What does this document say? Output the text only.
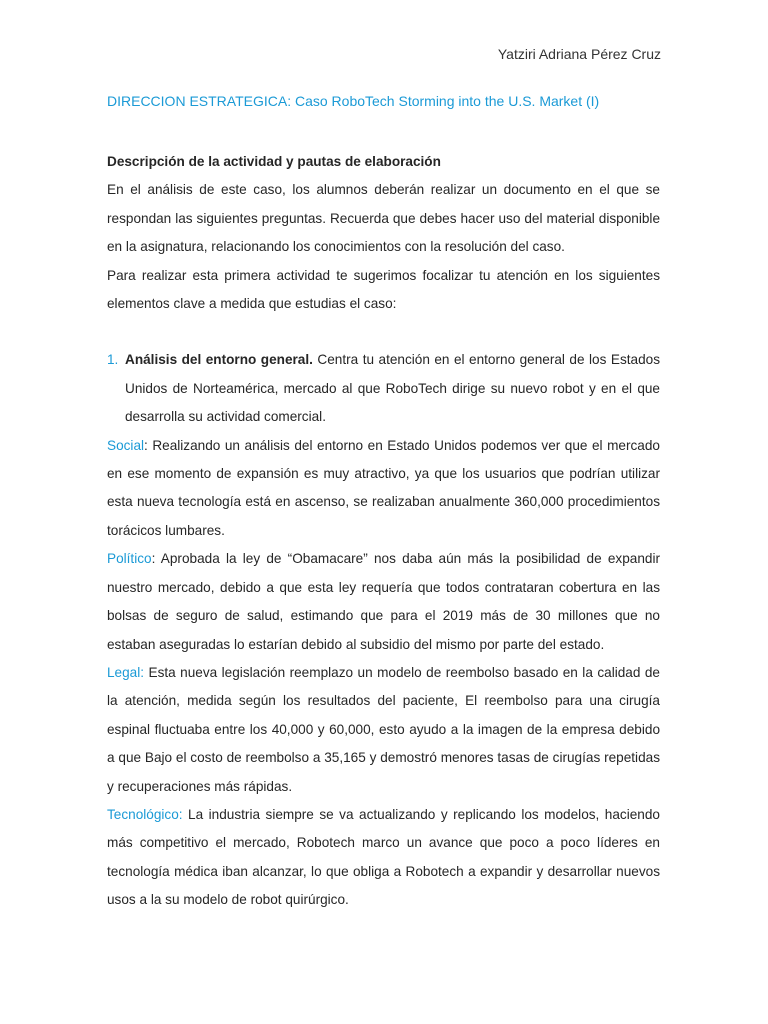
Yatziri Adriana Pérez Cruz
DIRECCION ESTRATEGICA: Caso RoboTech Storming into the U.S. Market (I)

Descripción de la actividad y pautas de elaboración

En el análisis de este caso, los alumnos deberán realizar un documento en el que se respondan las siguientes preguntas. Recuerda que debes hacer uso del material disponible en la asignatura, relacionando los conocimientos con la resolución del caso.

Para realizar esta primera actividad te sugerimos focalizar tu atención en los siguientes elementos clave a medida que estudias el caso:

1. Análisis del entorno general. Centra tu atención en el entorno general de los Estados Unidos de Norteamérica, mercado al que RoboTech dirige su nuevo robot y en el que desarrolla su actividad comercial.

Social: Realizando un análisis del entorno en Estado Unidos podemos ver que el mercado en ese momento de expansión es muy atractivo, ya que los usuarios que podrían utilizar esta nueva tecnología está en ascenso, se realizaban anualmente 360,000 procedimientos torácicos lumbares.

Político: Aprobada la ley de “Obamacare” nos daba aún más la posibilidad de expandir nuestro mercado, debido a que esta ley requería que todos contrataran cobertura en las bolsas de seguro de salud, estimando que para el 2019 más de 30 millones que no estaban aseguradas lo estarían debido al subsidio del mismo por parte del estado.

Legal: Esta nueva legislación reemplazo un modelo de reembolso basado en la calidad de la atención, medida según los resultados del paciente, El reembolso para una cirugía espinal fluctuaba entre los 40,000 y 60,000, esto ayudo a la imagen de la empresa debido a que Bajo el costo de reembolso a 35,165 y demostró menores tasas de cirugías repetidas y recuperaciones más rápidas.

Tecnológico: La industria siempre se va actualizando y replicando los modelos, haciendo más competitivo el mercado, Robotech marco un avance que poco a poco líderes en tecnología médica iban alcanzar, lo que obliga a Robotech a expandir y desarrollar nuevos usos a la su modelo de robot quirúrgico.
